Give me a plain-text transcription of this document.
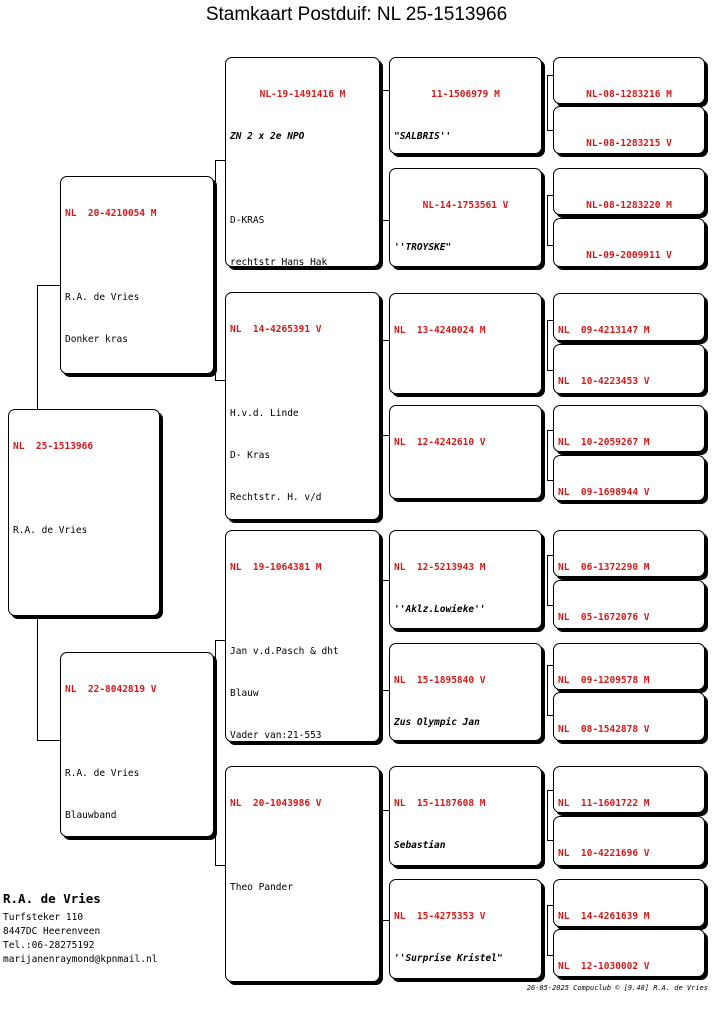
Stamkaart Postduif: NL 25-1513966

NL  25-1513966

R.A. de Vries

NL  20-4210054 M

R.A. de Vries

Donker kras

NL  22-8042819 V

R.A. de Vries

Blauwband

NL-19-1491416 M

ZN 2 x 2e NPO

D-KRAS

rechtstr Hans Hak

NL  14-4265391 V

H.v.d. Linde

D- Kras

Rechtstr. H. v/d

NL  19-1064381 M

Jan v.d.Pasch & dht

Blauw

Vader van:21-553

NL  20-1043986 V

Theo Pander

11-1506979 M

"SALBRIS''

NL-14-1753561 V

''TROYSKE"

NL  13-4240024 M

NL  12-4242610 V

NL  12-5213943 M

''Aklz.Lowieke''

NL  15-1895840 V

Zus Olympic Jan

NL  15-1187608 M

Sebastian

NL  15-4275353 V

''Surprise Kristel"

NL-08-1283216 M

NL-08-1283215 V

NL-08-1283220 M

NL-09-2009911 V

NL  09-4213147 M

NL  10-4223453 V

NL  10-2059267 M

NL  09-1698944 V

NL  06-1372290 M

NL  05-1672076 V

NL  09-1209578 M

NL  08-1542878 V

NL  11-1601722 M

NL  10-4221696 V

NL  14-4261639 M

NL  12-1030002 V

R.A. de Vries
Turfsteker 110
8447DC Heerenveen
Tel.:06-28275192
marijanenraymond@kpnmail.nl
26-05-2025 Compuclub © [9.48] R.A. de Vries
